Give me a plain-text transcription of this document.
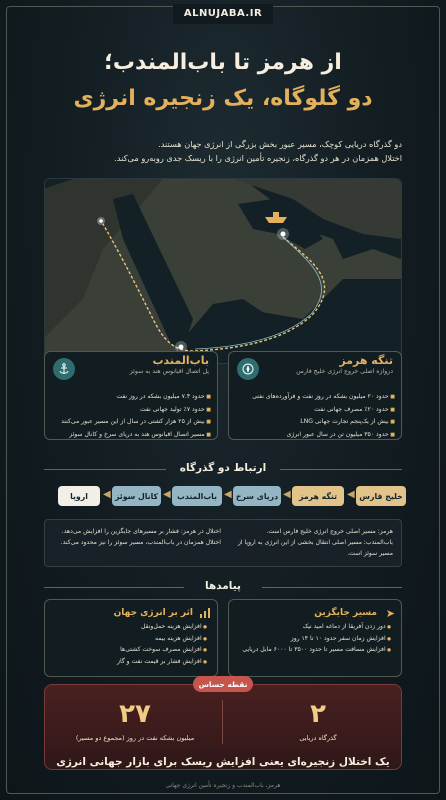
ALNUJABA.IR
از هرمز تا باب‌المندب؛
دو گلوگاه، یک زنجیره انرژی
دو گذرگاه دریایی کوچک، مسیر عبور بخش بزرگی از انرژی جهان هستند.
اختلال همزمان در هر دو گذرگاه، زنجیره تأمین انرژی را با ریسک جدی روبه‌رو می‌کند.
تنگه هرمز
دروازه اصلی خروج انرژی خلیج فارس
■ حدود ۲۰ میلیون بشکه در روز نفت و فرآورده‌های نفتی
■ حدود ۲۰٪ مصرف جهانی نفت
■ بیش از یک‌پنجم تجارت جهانی LNG
■ حدود ۳۵۰ میلیون تن در سال عبور انرژی
باب‌المندب
پل اتصال اقیانوس هند به سوئز
■ حدود ۷.۴ میلیون بشکه در روز نفت
■ حدود ۷٪ تولید جهانی نفت
■ بیش از ۲۵ هزار کشتی در سال از این مسیر عبور می‌کنند
■ مسیر اتصال اقیانوس هند به دریای سرخ و کانال سوئز
ارتباط دو گذرگاه
خلیج فارس
◀
تنگه هرمز
◀
دریای سرخ
◀
باب‌المندب
◀
کانال سوئز
◀
اروپا
هرمز: مسیر اصلی خروج انرژی خلیج فارس است.
باب‌المندب: مسیر اصلی انتقال بخشی از این انرژی به اروپا از
مسیر سوئز است.
اختلال در هرمز: فشار بر مسیرهای جایگزین را افزایش می‌دهد.
اختلال همزمان در باب‌المندب، مسیر سوئز را نیز محدود می‌کند.
پیامدها
➤
مسیر جایگزین
● دور زدن آفریقا از دماغه امید نیک
● افزایش زمان سفر حدود ۱۰ تا ۱۴ روز
● افزایش مسافت مسیر تا حدود ۳۵۰۰ تا ۶۰۰۰ مایل دریایی
اثر بر انرژی جهان
● افزایش هزینه حمل‌ونقل
● افزایش هزینه بیمه
● افزایش مصرف سوخت کشتی‌ها
● افزایش فشار بر قیمت نفت و گاز
نقطه حساس
۲
گذرگاه دریایی
۲۷
میلیون بشکه نفت در روز (مجموع دو مسیر)
یک اختلال زنجیره‌ای یعنی افزایش ریسک برای بازار جهانی انرژی
هرمز، باب‌المندب و زنجیره تأمین انرژی جهانی
